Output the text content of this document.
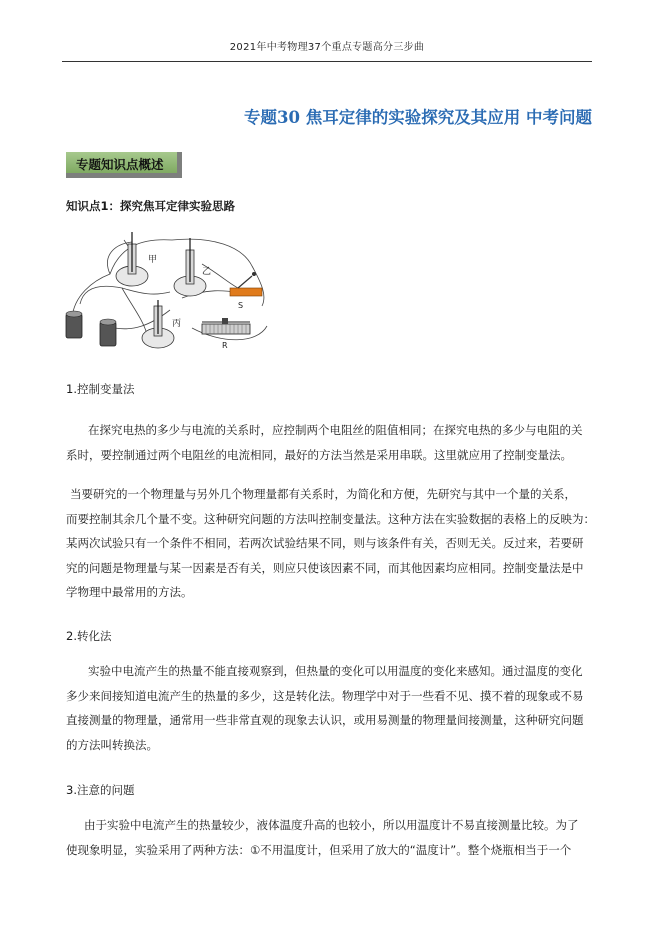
2021年中考物理37个重点专题高分三步曲
专题30 焦耳定律的实验探究及其应用 中考问题
专题知识点概述
知识点1：探究焦耳定律实验思路
甲
乙
丙
S
R
1.控制变量法
在探究电热的多少与电流的关系时，应控制两个电阻丝的阻值相同；在探究电热的多少与电阻的关
系时，要控制通过两个电阻丝的电流相同，最好的方法当然是采用串联。这里就应用了控制变量法。
当要研究的一个物理量与另外几个物理量都有关系时，为简化和方便，先研究与其中一个量的关系，
而要控制其余几个量不变。这种研究问题的方法叫控制变量法。这种方法在实验数据的表格上的反映为：
某两次试验只有一个条件不相同，若两次试验结果不同，则与该条件有关，否则无关。反过来，若要研
究的问题是物理量与某一因素是否有关，则应只使该因素不同，而其他因素均应相同。控制变量法是中
学物理中最常用的方法。
2.转化法
实验中电流产生的热量不能直接观察到，但热量的变化可以用温度的变化来感知。通过温度的变化
多少来间接知道电流产生的热量的多少，这是转化法。物理学中对于一些看不见、摸不着的现象或不易
直接测量的物理量，通常用一些非常直观的现象去认识，或用易测量的物理量间接测量，这种研究问题
的方法叫转换法。
3.注意的问题
由于实验中电流产生的热量较少，液体温度升高的也较小，所以用温度计不易直接测量比较。为了
使现象明显，实验采用了两种方法：①不用温度计，但采用了放大的“温度计”。整个烧瓶相当于一个
